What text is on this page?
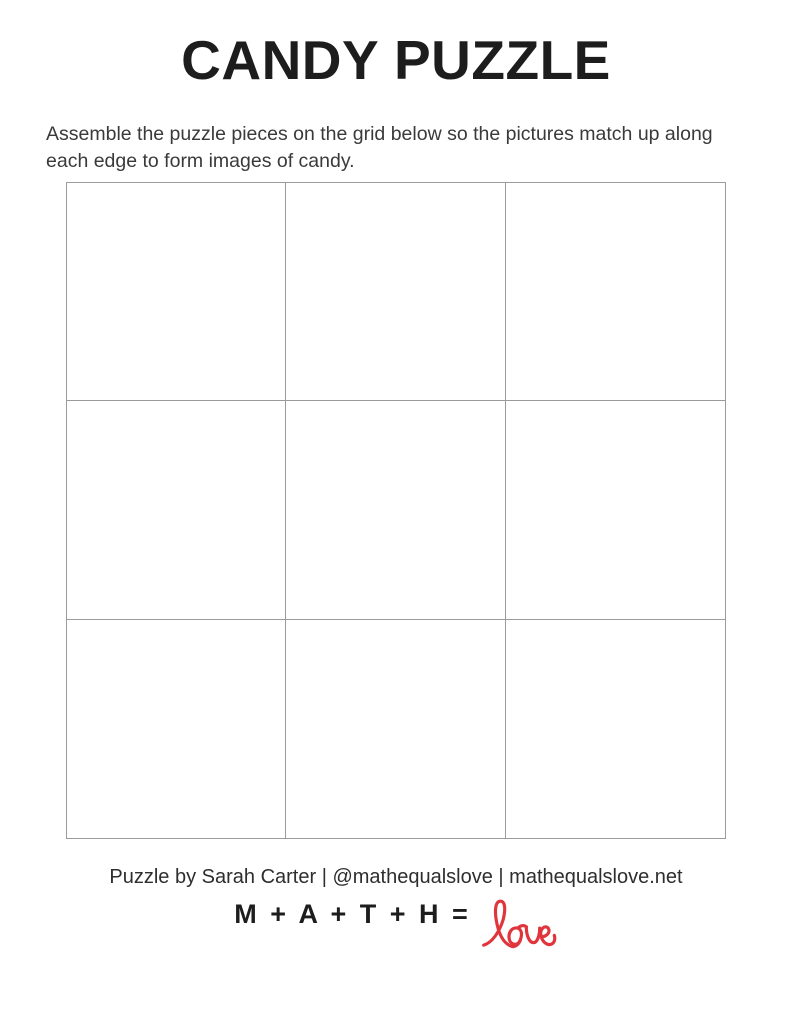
CANDY PUZZLE

Assemble the puzzle pieces on the grid below so the pictures match up along each edge to form images of candy.

Puzzle by Sarah Carter | @mathequalslove | mathequalslove.net

M + A + T + H =
